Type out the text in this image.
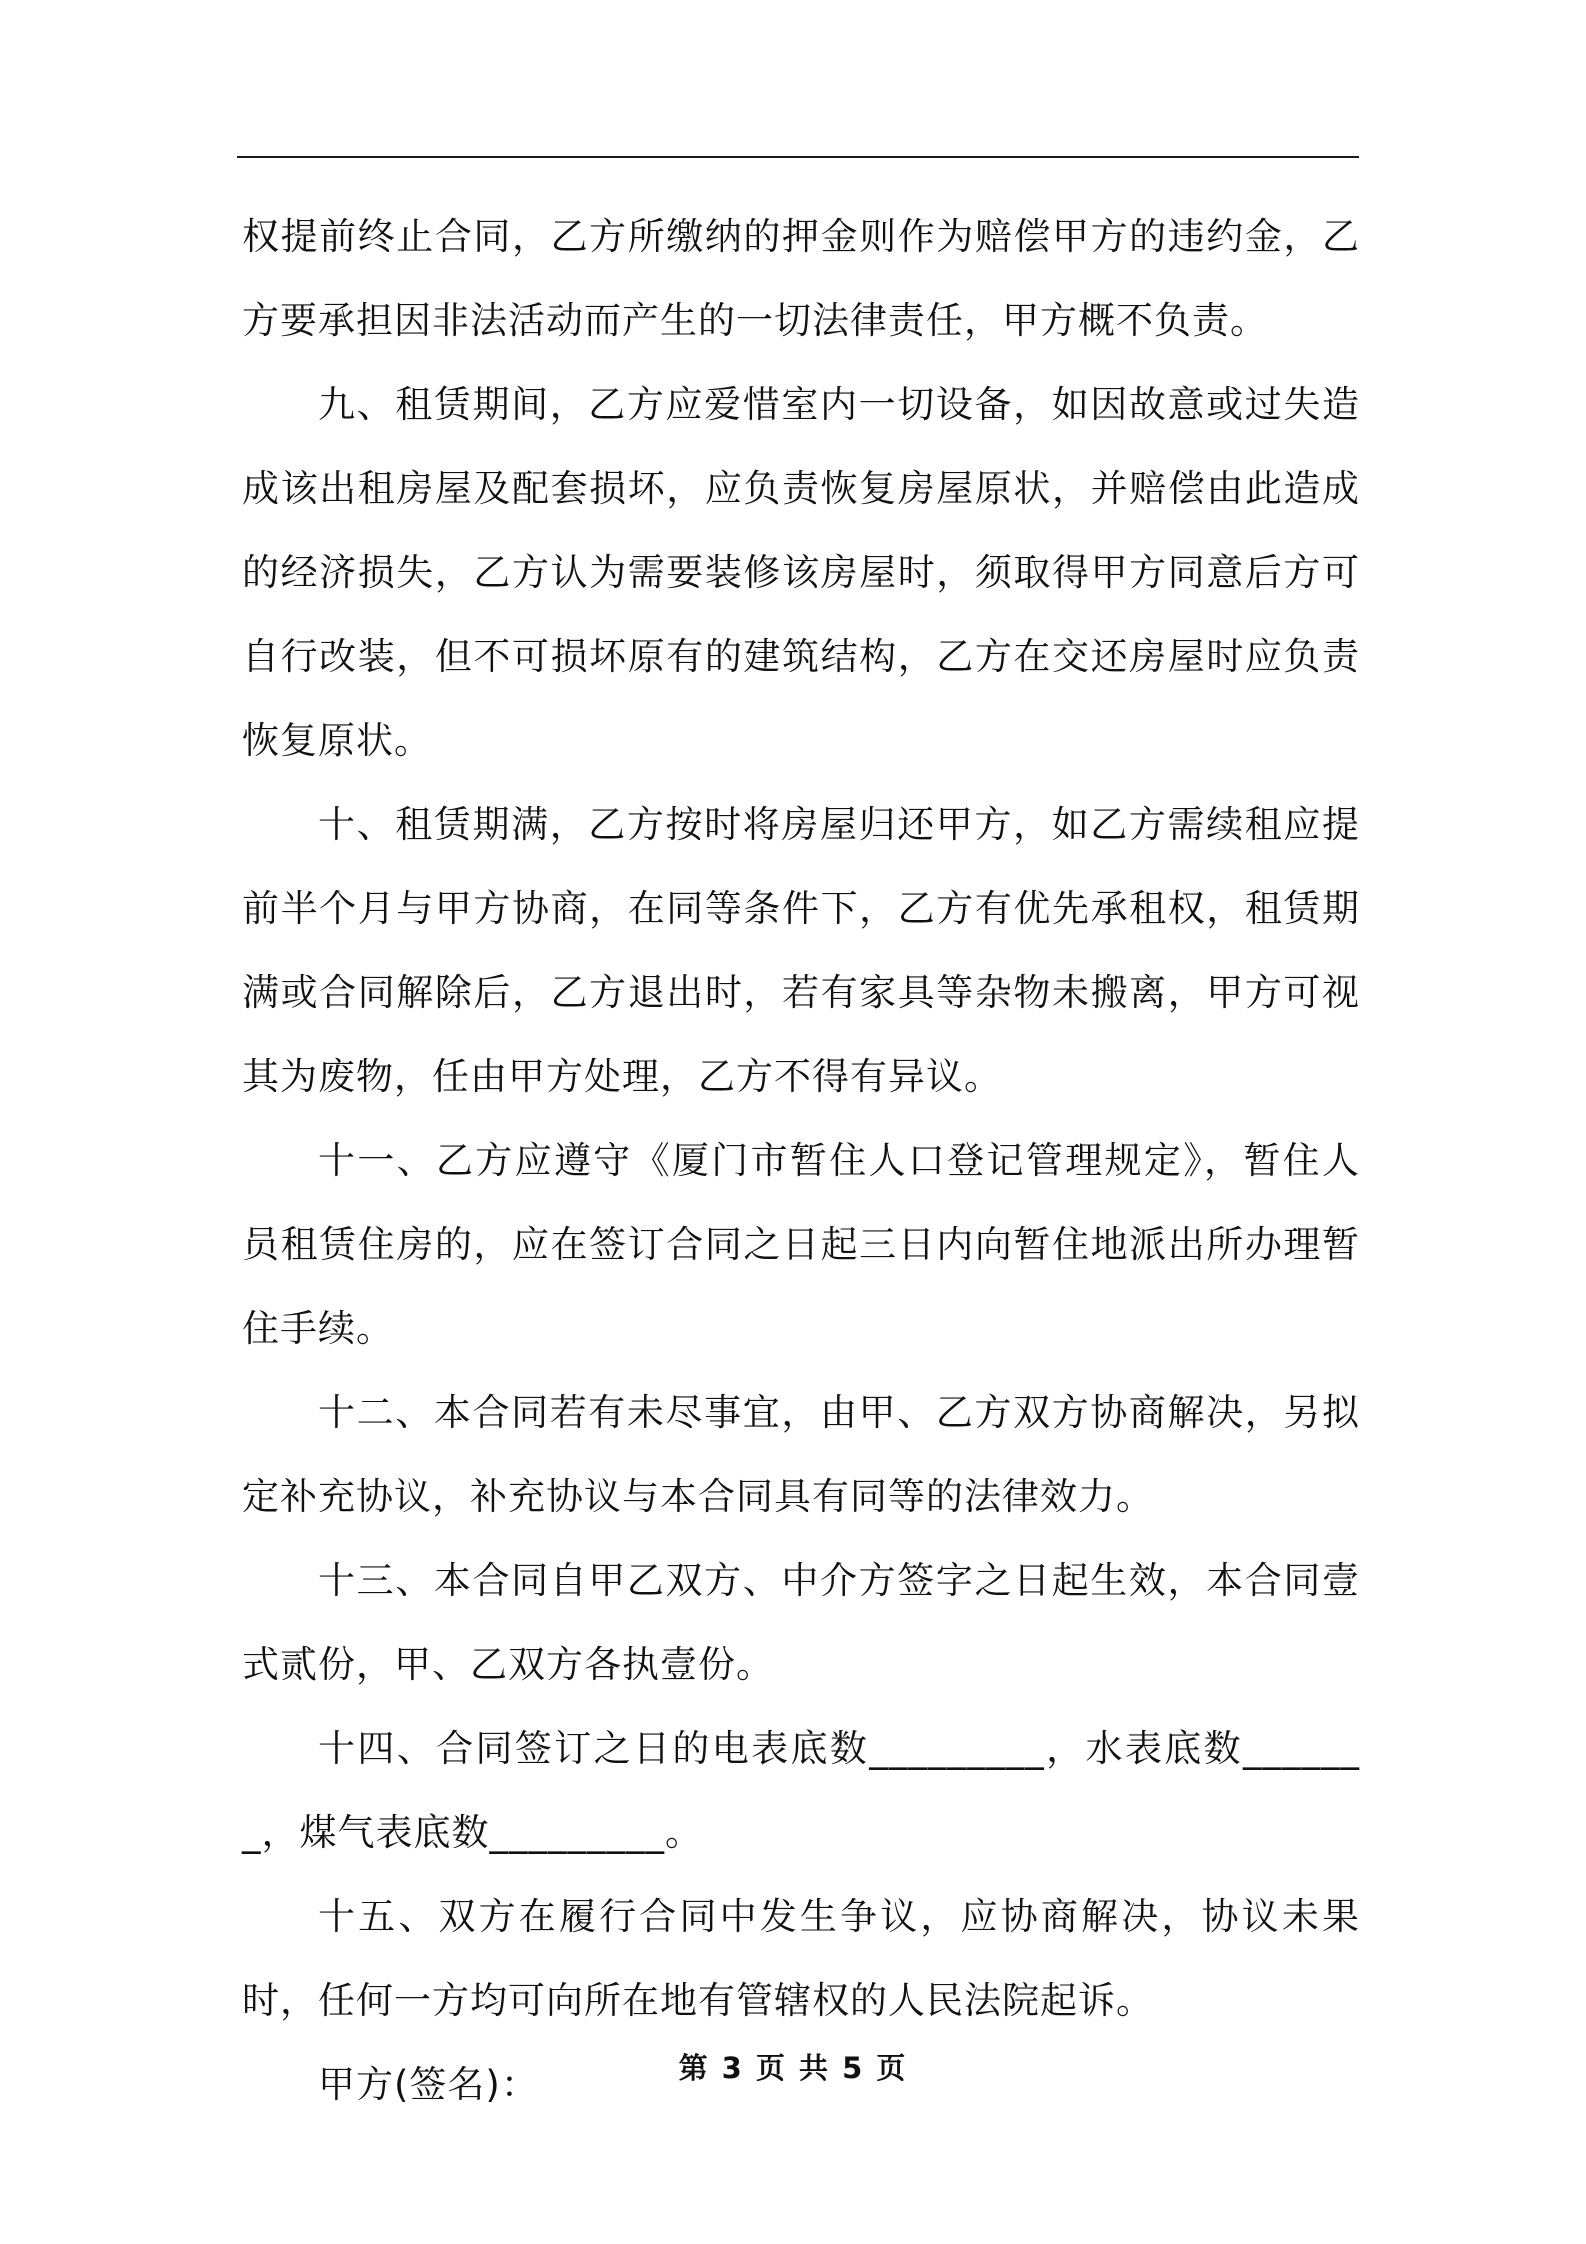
权提前终止合同，乙方所缴纳的押金则作为赔偿甲方的违约金，乙方要承担因非法活动而产生的一切法律责任，甲方概不负责。

九、租赁期间，乙方应爱惜室内一切设备，如因故意或过失造成该出租房屋及配套损坏，应负责恢复房屋原状，并赔偿由此造成的经济损失，乙方认为需要装修该房屋时，须取得甲方同意后方可自行改装，但不可损坏原有的建筑结构，乙方在交还房屋时应负责恢复原状。

十、租赁期满，乙方按时将房屋归还甲方，如乙方需续租应提前半个月与甲方协商，在同等条件下，乙方有优先承租权，租赁期满或合同解除后，乙方退出时，若有家具等杂物未搬离，甲方可视其为废物，任由甲方处理，乙方不得有异议。

十一、乙方应遵守《厦门市暂住人口登记管理规定》，暂住人员租赁住房的，应在签订合同之日起三日内向暂住地派出所办理暂住手续。

十二、本合同若有未尽事宜，由甲、乙方双方协商解决，另拟定补充协议，补充协议与本合同具有同等的法律效力。

十三、本合同自甲乙双方、中介方签字之日起生效，本合同壹式贰份，甲、乙双方各执壹份。

十四、合同签订之日的电表底数_________，水表底数_______，煤气表底数_________。

十五、双方在履行合同中发生争议，应协商解决，协议未果时，任何一方均可向所在地有管辖权的人民法院起诉。

甲方(签名)：	第 3 页 共 5 页
